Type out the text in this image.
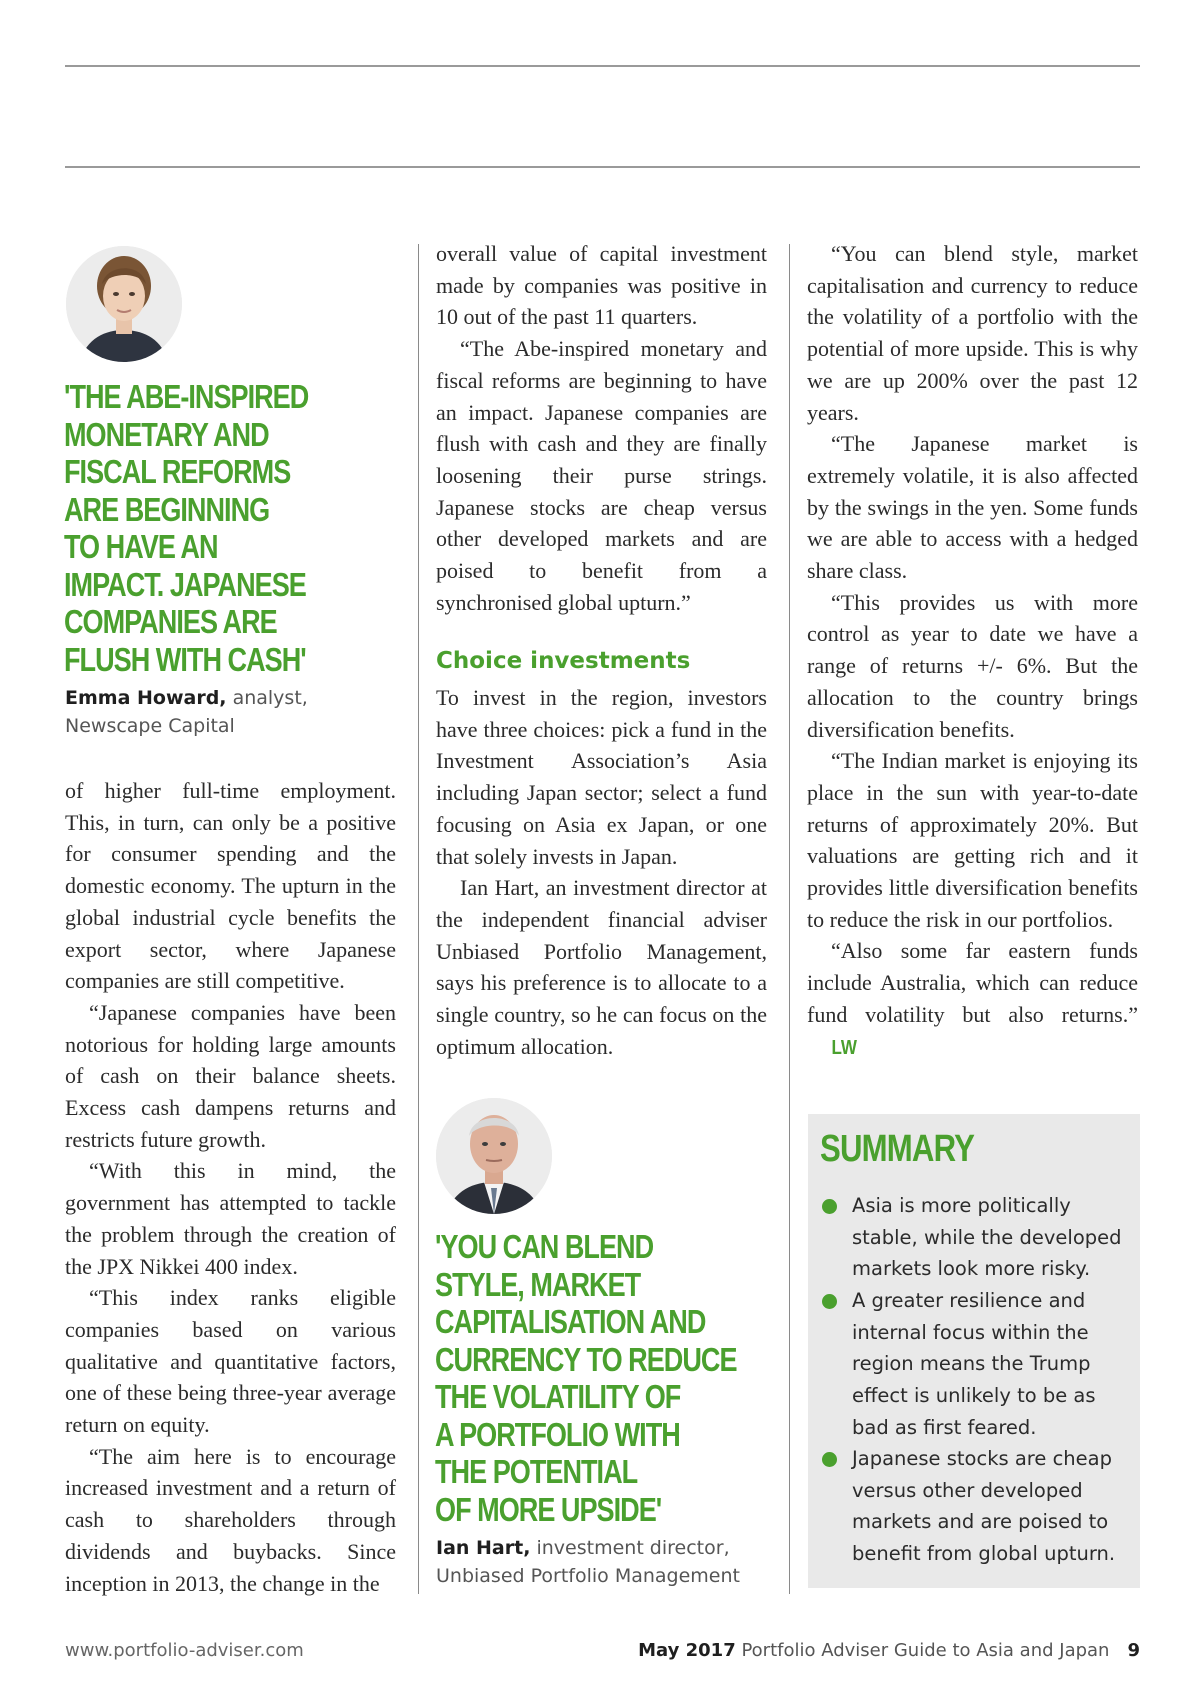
'THE ABE-INSPIRED
MONETARY AND
FISCAL REFORMS
ARE BEGINNING
TO HAVE AN
IMPACT. JAPANESE
COMPANIES ARE
FLUSH WITH CASH'
Emma Howard, analyst,
Newscape Capital

of higher full-time employment. This, in turn, can only be a positive for consumer spending and the domestic economy. The upturn in the global industrial cycle benefits the export sector, where Japanese companies are still competitive.

“Japanese companies have been notorious for holding large amounts of cash on their balance sheets. Excess cash dampens returns and restricts future growth.

“With this in mind, the government has attempted to tackle the problem through the creation of the JPX Nikkei 400 index.

“This index ranks eligible companies based on various qualitative and quantitative factors, one of these being three-year average return on equity.

“The aim here is to encourage increased investment and a return of cash to shareholders through dividends and buybacks. Since inception in 2013, the change in the

overall value of capital investment made by companies was positive in 10 out of the past 11 quarters.

“The Abe-inspired monetary and fiscal reforms are beginning to have an impact. Japanese companies are flush with cash and they are finally loosening their purse strings. Japanese stocks are cheap versus other developed markets and are poised to benefit from a synchronised global upturn.”

Choice investments

To invest in the region, investors have three choices: pick a fund in the Investment Association’s Asia including Japan sector; select a fund focusing on Asia ex Japan, or one that solely invests in Japan.

Ian Hart, an investment director at the independent financial adviser Unbiased Portfolio Management, says his preference is to allocate to a single country, so he can focus on the optimum allocation.

'YOU CAN BLEND
STYLE, MARKET
CAPITALISATION AND
CURRENCY TO REDUCE
THE VOLATILITY OF
A PORTFOLIO WITH
THE POTENTIAL
OF MORE UPSIDE'
Ian Hart, investment director,
Unbiased Portfolio Management

“You can blend style, market capitalisation and currency to reduce the volatility of a portfolio with the potential of more upside. This is why we are up 200% over the past 12 years.

“The Japanese market is extremely volatile, it is also affected by the swings in the yen. Some funds we are able to access with a hedged share class.

“This provides us with more control as year to date we have a range of returns +/- 6%. But the allocation to the country brings diversification benefits.

“The Indian market is enjoying its place in the sun with year-to-date returns of approximately 20%. But valuations are getting rich and it provides little diversification benefits to reduce the risk in our portfolios.

“Also some far eastern funds include Australia, which can reduce fund volatility but also returns.” LW

SUMMARY
Asia is more politically stable, while the developed markets look more risky.
A greater resilience and internal focus within the region means the Trump effect is unlikely to be as bad as first feared.
Japanese stocks are cheap versus other developed markets and are poised to benefit from global upturn.
www.portfolio-adviser.com	May 2017 Portfolio Adviser Guide to Asia and Japan 9
